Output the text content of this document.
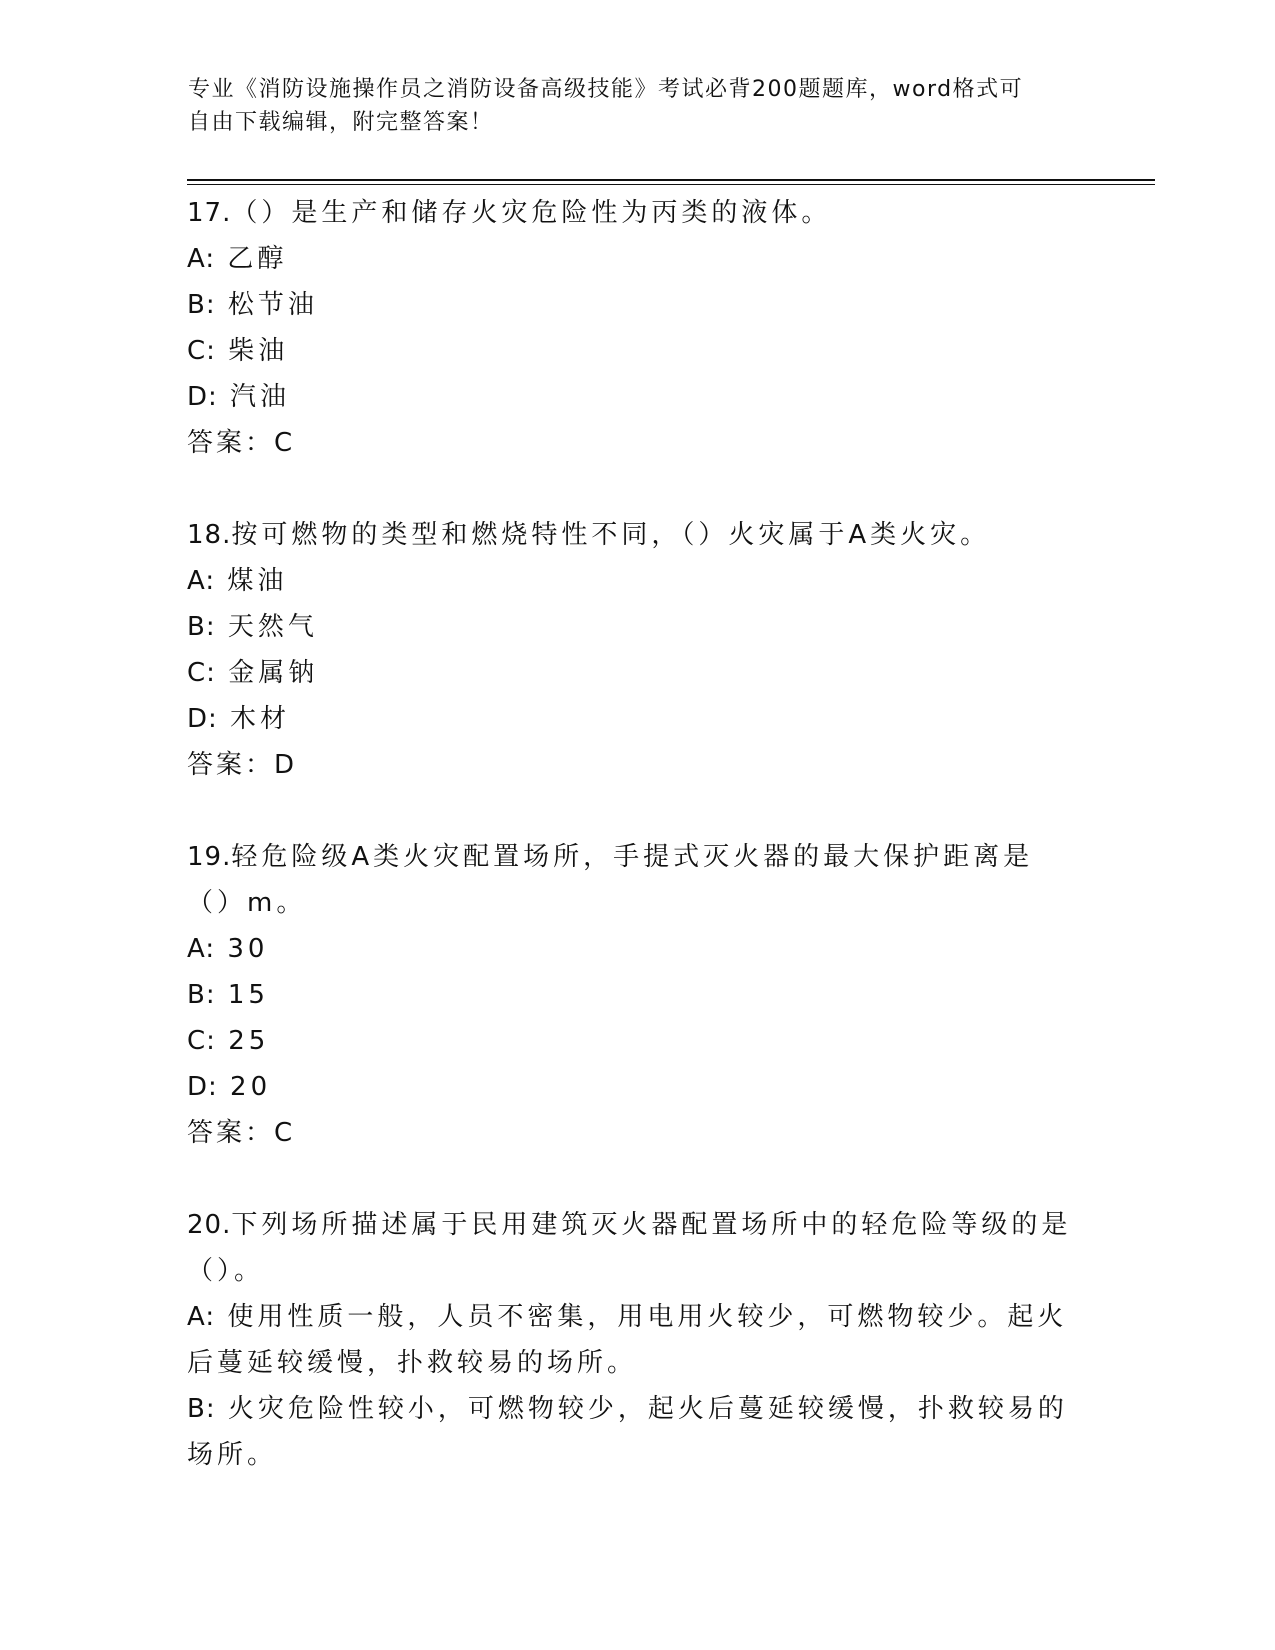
专业《消防设施操作员之消防设备高级技能》考试必背200题题库，word格式可
自由下载编辑，附完整答案！
17.（）是生产和储存火灾危险性为丙类的液体。
A: 乙醇
B: 松节油
C: 柴油
D: 汽油
答案：C
18.按可燃物的类型和燃烧特性不同，（）火灾属于A类火灾。
A: 煤油
B: 天然气
C: 金属钠
D: 木材
答案：D
19.轻危险级A类火灾配置场所，手提式灭火器的最大保护距离是（）m。
A: 30
B: 15
C: 25
D: 20
答案：C
20.下列场所描述属于民用建筑灭火器配置场所中的轻危险等级的是（）。
A: 使用性质一般，人员不密集，用电用火较少，可燃物较少。起火后蔓延较缓慢，扑救较易的场所。
B: 火灾危险性较小，可燃物较少，起火后蔓延较缓慢，扑救较易的场所。
